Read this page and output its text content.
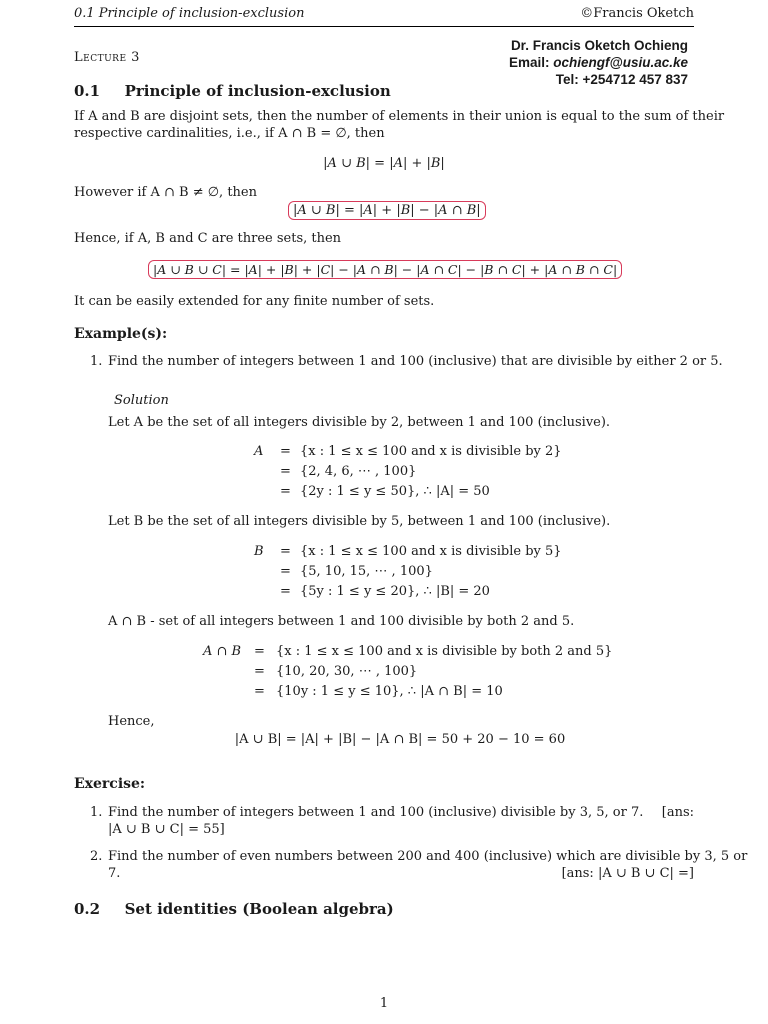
0.1 Principle of inclusion-exclusion	©Francis Oketch
Lecture 3
Dr. Francis Oketch Ochieng
Email: ochiengf@usiu.ac.ke
Tel: +254712 457 837
0.1 Principle of inclusion-exclusion
If A and B are disjoint sets, then the number of elements in their union is equal to the sum of their
respective cardinalities, i.e., if A ∩ B = ∅, then
|A ∪ B| = |A| + |B|
However if A ∩ B ≠ ∅, then
|A ∪ B| = |A| + |B| − |A ∩ B|
Hence, if A, B and C are three sets, then
|A ∪ B ∪ C| = |A| + |B| + |C| − |A ∩ B| − |A ∩ C| − |B ∩ C| + |A ∩ B ∩ C|
It can be easily extended for any finite number of sets.
Example(s):
1. Find the number of integers between 1 and 100 (inclusive) that are divisible by either 2 or 5.
Solution
Let A be the set of all integers divisible by 2, between 1 and 100 (inclusive).
A =
=
=
{x : 1 ≤ x ≤ 100 and x is divisible by 2}
{2, 4, 6, ⋯ , 100}
{2y : 1 ≤ y ≤ 50}, ∴ |A| = 50
Let B be the set of all integers divisible by 5, between 1 and 100 (inclusive).
B =
=
=
{x : 1 ≤ x ≤ 100 and x is divisible by 5}
{5, 10, 15, ⋯ , 100}
{5y : 1 ≤ y ≤ 20}, ∴ |B| = 20
A ∩ B - set of all integers between 1 and 100 divisible by both 2 and 5.
A ∩ B =
=
=
{x : 1 ≤ x ≤ 100 and x is divisible by both 2 and 5}
{10, 20, 30, ⋯ , 100}
{10y : 1 ≤ y ≤ 10}, ∴ |A ∩ B| = 10
Hence,
|A ∪ B| = |A| + |B| − |A ∩ B| = 50 + 20 − 10 = 60
Exercise:
1. Find the number of integers between 1 and 100 (inclusive) divisible by 3, 5, or 7. [ans:
|A ∪ B ∪ C| = 55]
2. Find the number of even numbers between 200 and 400 (inclusive) which are divisible by 3, 5 or
7.	[ans: |A ∪ B ∪ C| =]
0.2 Set identities (Boolean algebra)
1
